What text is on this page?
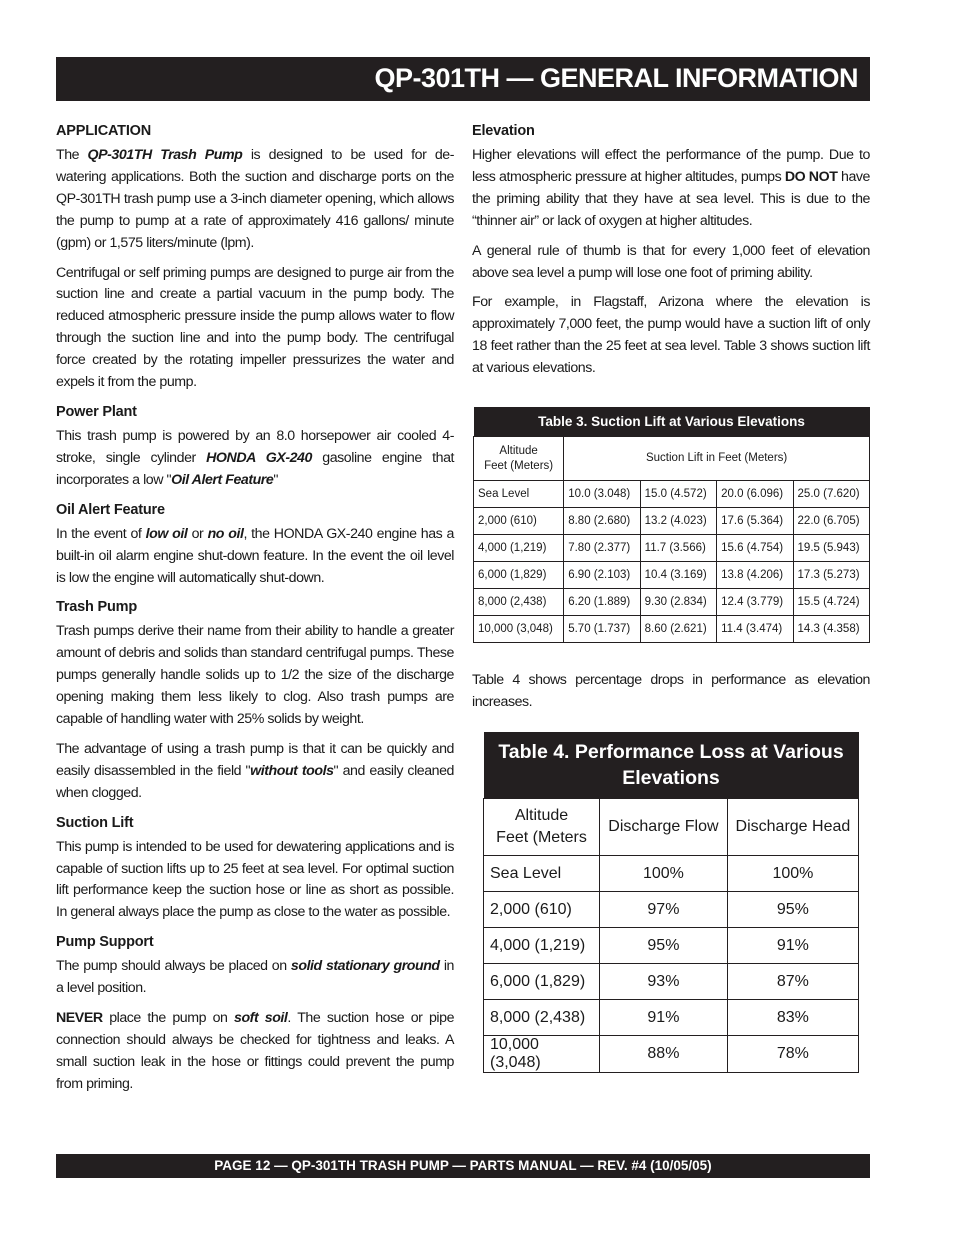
QP-301TH — GENERAL INFORMATION
APPLICATION

The QP-301TH Trash Pump is designed to be used for de-watering applications. Both the suction and discharge ports on the QP-301TH trash pump use a 3-inch diameter opening, which allows the pump to pump at a rate of approximately 416 gallons/ minute (gpm) or 1,575 liters/minute (lpm).

Centrifugal or self priming pumps are designed to purge air from the suction line and create a partial vacuum in the pump body. The reduced atmospheric pressure inside the pump allows water to flow through the suction line and into the pump body. The centrifugal force created by the rotating impeller pressurizes the water and expels it from the pump.

Power Plant

This trash pump is powered by an 8.0 horsepower air cooled 4-stroke, single cylinder HONDA GX-240 gasoline engine that incorporates a low "Oil Alert Feature"

Oil Alert Feature

In the event of low oil or no oil, the HONDA GX-240 engine has a built-in oil alarm engine shut-down feature. In the event the oil level is low the engine will automatically shut-down.

Trash Pump

Trash pumps derive their name from their ability to handle a greater amount of debris and solids than standard centrifugal pumps. These pumps generally handle solids up to 1/2 the size of the discharge opening making them less likely to clog. Also trash pumps are capable of handling water with 25% solids by weight.

The advantage of using a trash pump is that it can be quickly and easily disassembled in the field "without tools" and easily cleaned when clogged.

Suction Lift

This pump is intended to be used for dewatering applications and is capable of suction lifts up to 25 feet at sea level. For optimal suction lift performance keep the suction hose or line as short as possible. In general always place the pump as close to the water as possible.

Pump Support

The pump should always be placed on solid stationary ground in a level position.

NEVER place the pump on soft soil. The suction hose or pipe connection should always be checked for tightness and leaks. A small suction leak in the hose or fittings could prevent the pump from priming.

Elevation

Higher elevations will effect the performance of the pump. Due to less atmospheric pressure at higher altitudes, pumps DO NOT have the priming ability that they have at sea level. This is due to the “thinner air” or lack of oxygen at higher altitudes.

A general rule of thumb is that for every 1,000 feet of elevation above sea level a pump will lose one foot of priming ability.

For example, in Flagstaff, Arizona where the elevation is approximately 7,000 feet, the pump would have a suction lift of only 18 feet rather than the 25 feet at sea level. Table 3 shows suction lift at various elevations.

Table 3. Suction Lift at Various Elevations				
Altitude
Feet (Meters)	Suction Lift in Feet (Meters)			
Sea Level	10.0 (3.048)	15.0 (4.572)	20.0 (6.096)	25.0 (7.620)
2,000 (610)	8.80 (2.680)	13.2 (4.023)	17.6 (5.364)	22.0 (6.705)
4,000 (1,219)	7.80 (2.377)	11.7 (3.566)	15.6 (4.754)	19.5 (5.943)
6,000 (1,829)	6.90 (2.103)	10.4 (3.169)	13.8 (4.206)	17.3 (5.273)
8,000 (2,438)	6.20 (1.889)	9.30 (2.834)	12.4 (3.779)	15.5 (4.724)
10,000 (3,048)	5.70 (1.737)	8.60 (2.621)	11.4 (3.474)	14.3 (4.358)

Table 4 shows percentage drops in performance as elevation increases.

Table 4. Performance Loss at Various Elevations		
Altitude
Feet (Meters	Discharge Flow	Discharge Head
Sea Level	100%	100%
2,000 (610)	97%	95%
4,000 (1,219)	95%	91%
6,000 (1,829)	93%	87%
8,000 (2,438)	91%	83%
10,000 (3,048)	88%	78%
PAGE 12 — QP-301TH TRASH PUMP — PARTS MANUAL — REV. #4 (10/05/05)
